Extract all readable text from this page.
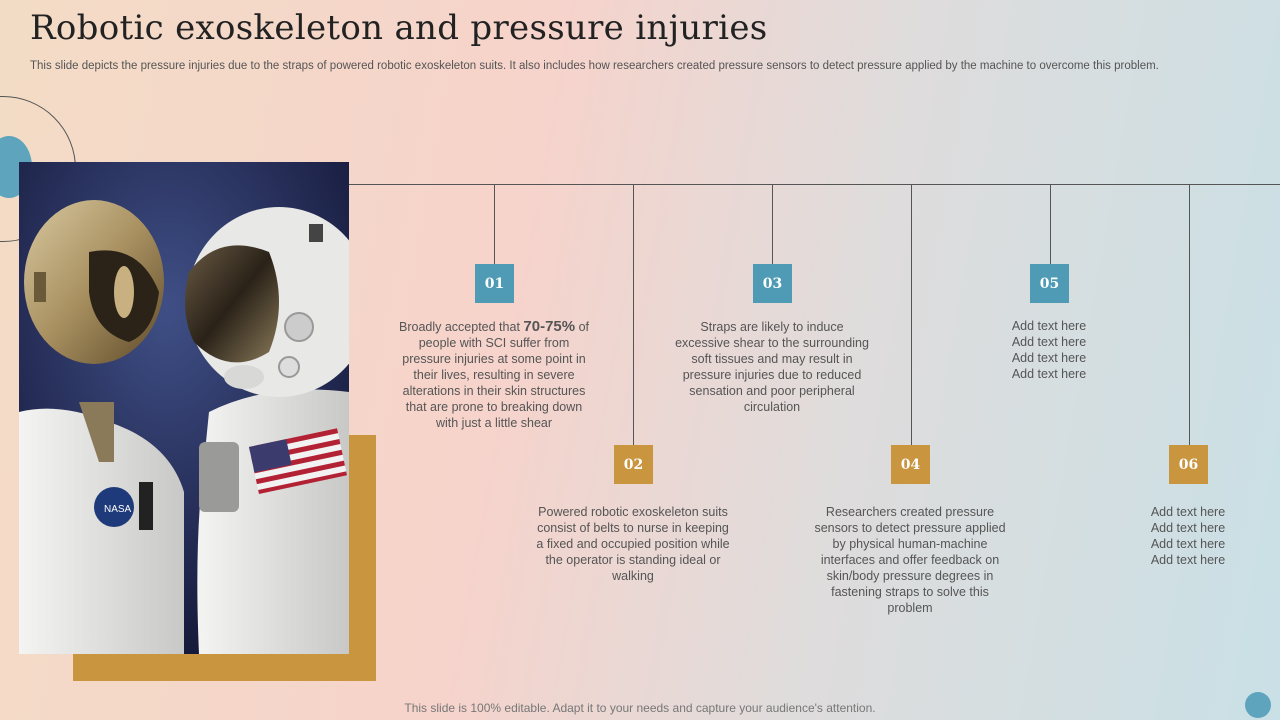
Robotic exoskeleton and pressure injuries

This slide depicts the pressure injuries due to the straps of powered robotic exoskeleton suits. It also includes how researchers created pressure sensors to detect pressure applied by the machine to overcome this problem.

NASA
01
Broadly accepted that 70-75% of people with SCI suffer from pressure injuries at some point in their lives, resulting in severe alterations in their skin structures that are prone to breaking down with just a little shear
02
Powered robotic exoskeleton suits consist of belts to nurse in keeping a fixed and occupied position while the operator is standing ideal or walking
03
Straps are likely to induce excessive shear to the surrounding soft tissues and may result in pressure injuries due to reduced sensation and poor peripheral circulation
04
Researchers created pressure sensors to detect pressure applied by physical human-machine interfaces and offer feedback on skin/body pressure degrees in fastening straps to solve this problem
05
Add text here
Add text here
Add text here
Add text here
06
Add text here
Add text here
Add text here
Add text here
This slide is 100% editable. Adapt it to your needs and capture your audience's attention.
